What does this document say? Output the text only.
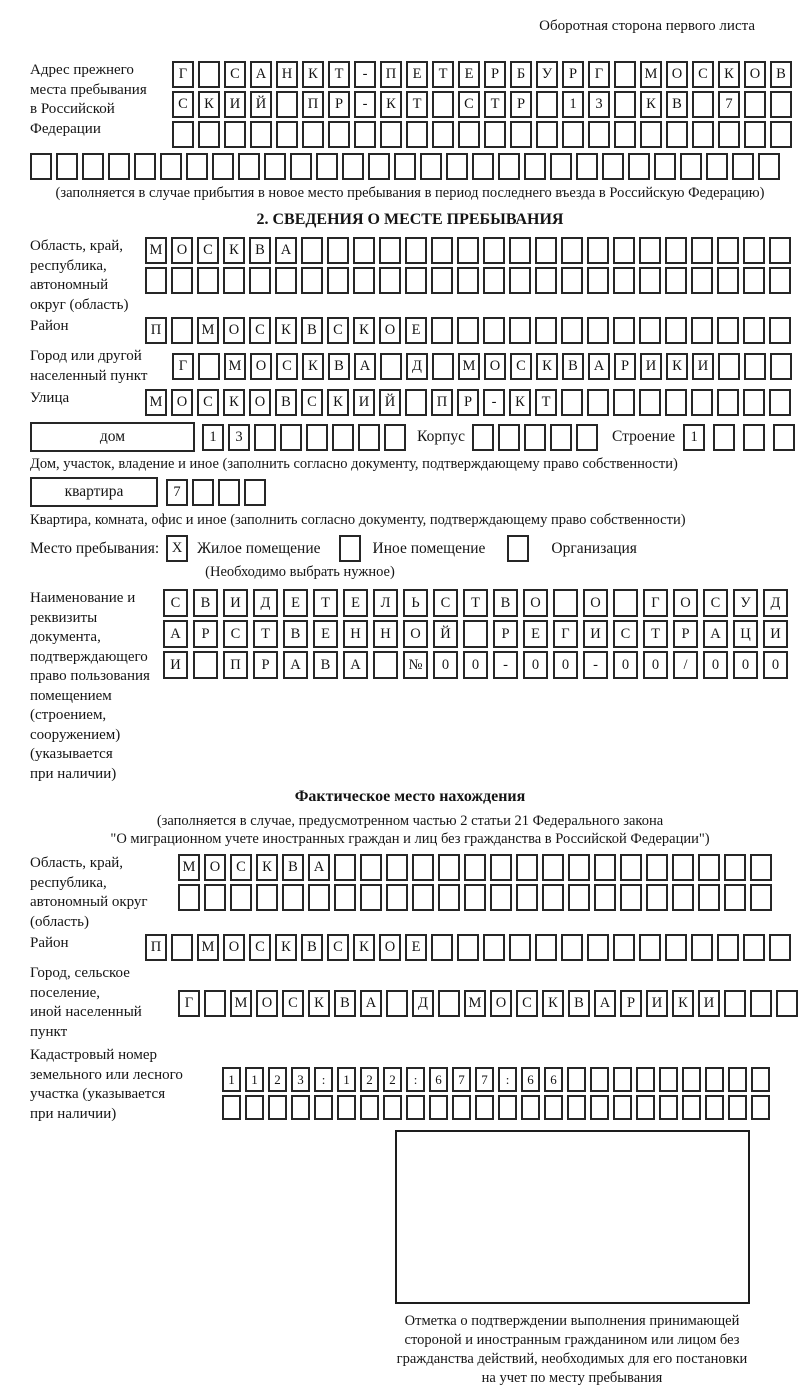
Оборотная сторона первого листа
Адрес прежнего
места пребывания
в Российской
Федерации
Г	С	А	Н	К	Т	-	П	Е	Т	Е	Р	Б	У	Р	Г	М О	С	К	О	В
С	К	И	Й	П	Р	-	К	Т	С	Т	Р	1	3	К	В	7
(заполняется в случае прибытия в новое место пребывания в период последнего въезда в Российскую Федерацию)
2. СВЕДЕНИЯ О МЕСТЕ ПРЕБЫВАНИЯ
Область, край,
республика,
автономный
округ (область)
М О	С	К	В	А
Район	П	М О	С	К	В	С	К	О	Е
Город или другой
населенный пункт
Г	М О	С	К	В	А	Д	М О	С	К	В	А	Р	И	К	И
Улица	М О	С	К	О	В	С	К	И	Й	П	Р	-	К	Т
дом	1	3	Корпус	Строение	1
Дом, участок, владение и иное (заполнить согласно документу, подтверждающему право собственности)
квартира	7
Квартира, комната, офис и иное (заполнить согласно документу, подтверждающему право собственности)
Место пребывания: X Жилое помещение	Иное помещение	Организация
(Необходимо выбрать нужное)
Наименование и реквизиты
документа, подтверждающего
право пользования
помещением (строением,
сооружением) (указывается
при наличии)
С	В	И	Д	Е	Т	Е	Л	Ь	С	Т	В	О	О	Г	О	С	У	Д
А	Р	С	Т	В	Е	Н	Н	О	Й	Р	Е	Г	И	С	Т	Р	А	Ц	И
И	П	Р	А	В	А	№	0	0	-	0	0	-	0	0	/	0	0	0
Фактическое место нахождения
(заполняется в случае, предусмотренном частью 2 статьи 21 Федерального закона
"О миграционном учете иностранных граждан и лиц без гражданства в Российской Федерации")
Область, край,
республика,
автономный округ
(область)
М О	С	К	В	А
Район	П	М О	С	К	В	С	К	О	Е
Город, сельское поселение,
иной населенный пункт
Г	М О	С	К	В	А	Д	М О	С	К	В	А	Р	И	К	И
Кадастровый номер
земельного или лесного
участка (указывается
при наличии)
1	1	2	3	:	1	2	2	:	6	7	7	:	6	6
Отметка о подтверждении выполнения принимающей
стороной и иностранным гражданином или лицом без
гражданства действий, необходимых для его постановки
на учет по месту пребывания
